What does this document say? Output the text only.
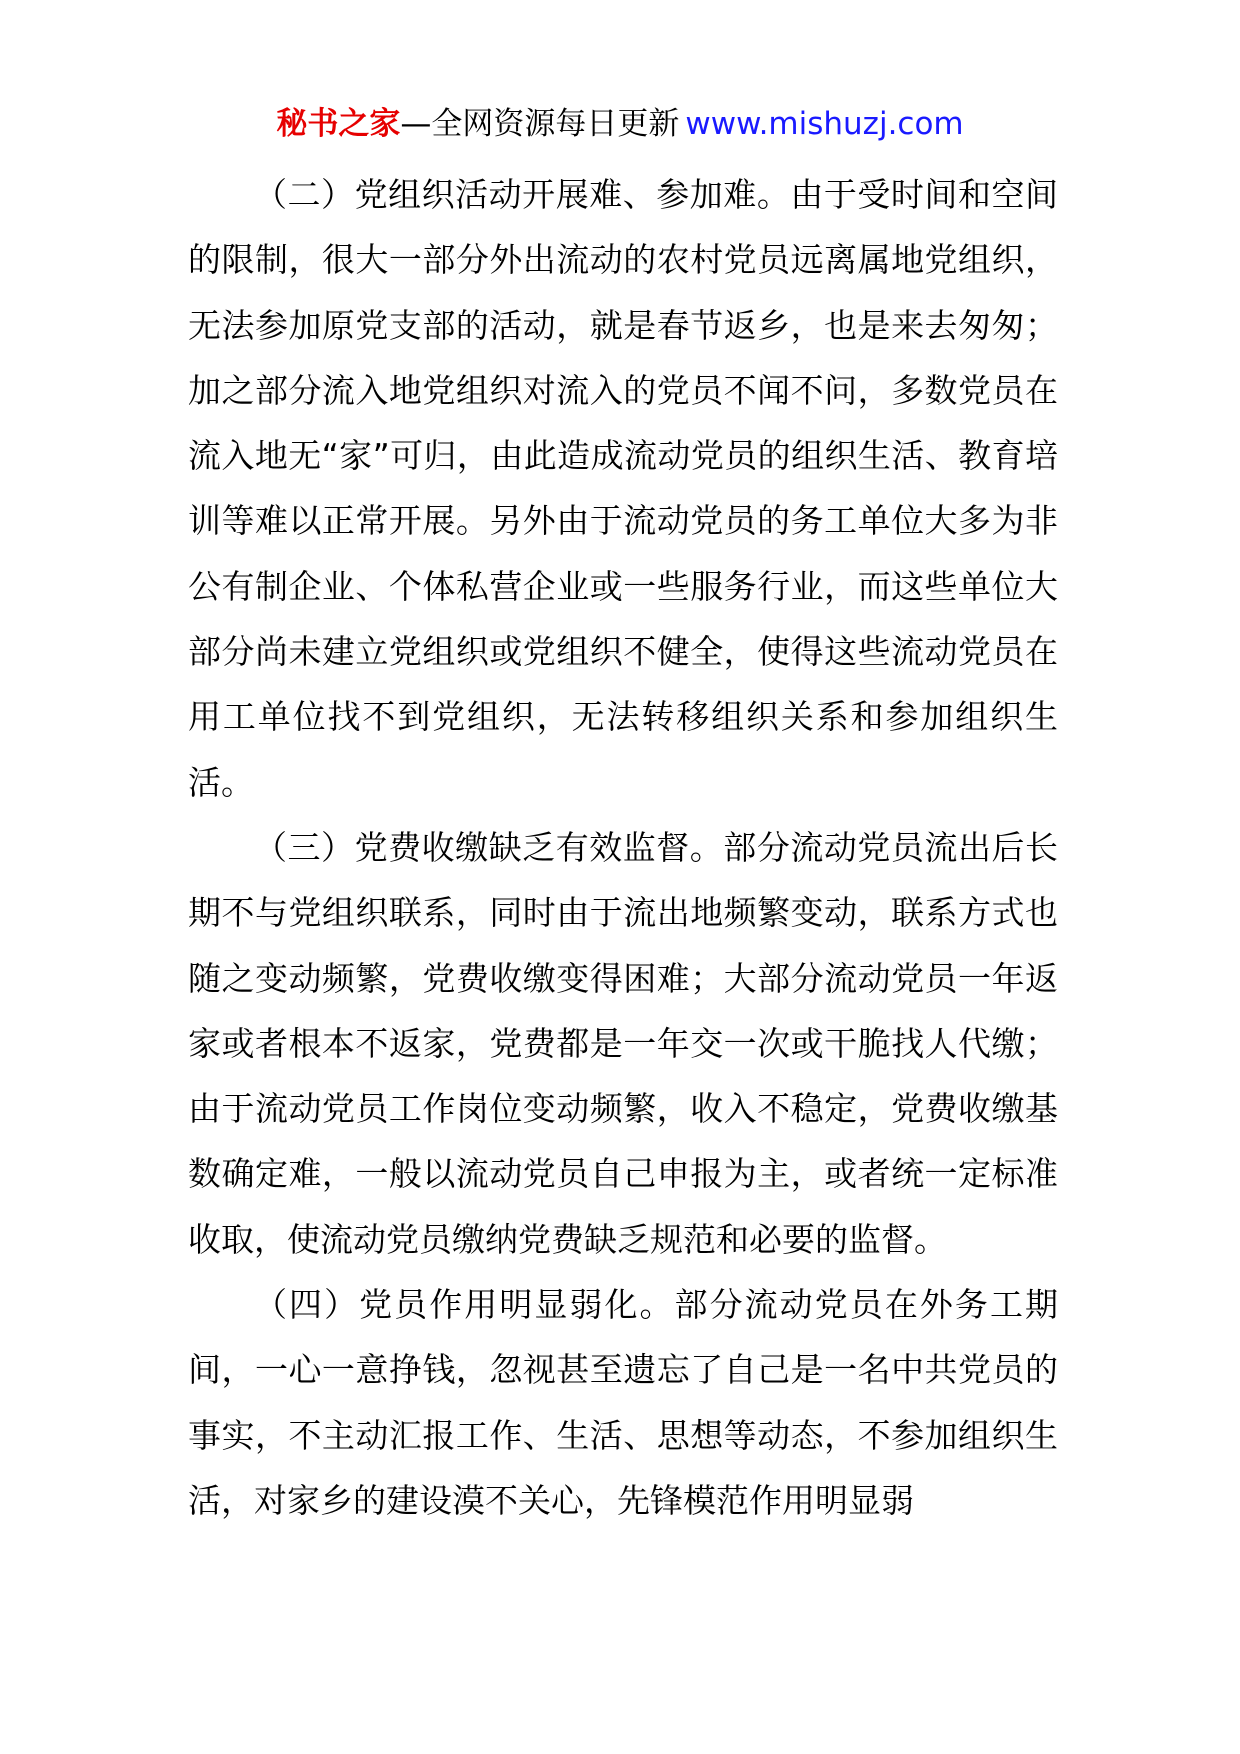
秘书之家—全网资源每日更新 www.mishuzj.com

（二）党组织活动开展难、参加难。由于受时间和空间的限制，很大一部分外出流动的农村党员远离属地党组织，无法参加原党支部的活动，就是春节返乡，也是来去匆匆；加之部分流入地党组织对流入的党员不闻不问，多数党员在流入地无“家”可归，由此造成流动党员的组织生活、教育培训等难以正常开展。另外由于流动党员的务工单位大多为非公有制企业、个体私营企业或一些服务行业，而这些单位大部分尚未建立党组织或党组织不健全，使得这些流动党员在用工单位找不到党组织，无法转移组织关系和参加组织生活。

（三）党费收缴缺乏有效监督。部分流动党员流出后长期不与党组织联系，同时由于流出地频繁变动，联系方式也随之变动频繁，党费收缴变得困难；大部分流动党员一年返家或者根本不返家，党费都是一年交一次或干脆找人代缴；由于流动党员工作岗位变动频繁，收入不稳定，党费收缴基数确定难，一般以流动党员自己申报为主，或者统一定标准收取，使流动党员缴纳党费缺乏规范和必要的监督。

（四）党员作用明显弱化。部分流动党员在外务工期间，一心一意挣钱，忽视甚至遗忘了自己是一名中共党员的事实，不主动汇报工作、生活、思想等动态，不参加组织生活，对家乡的建设漠不关心，先锋模范作用明显弱
